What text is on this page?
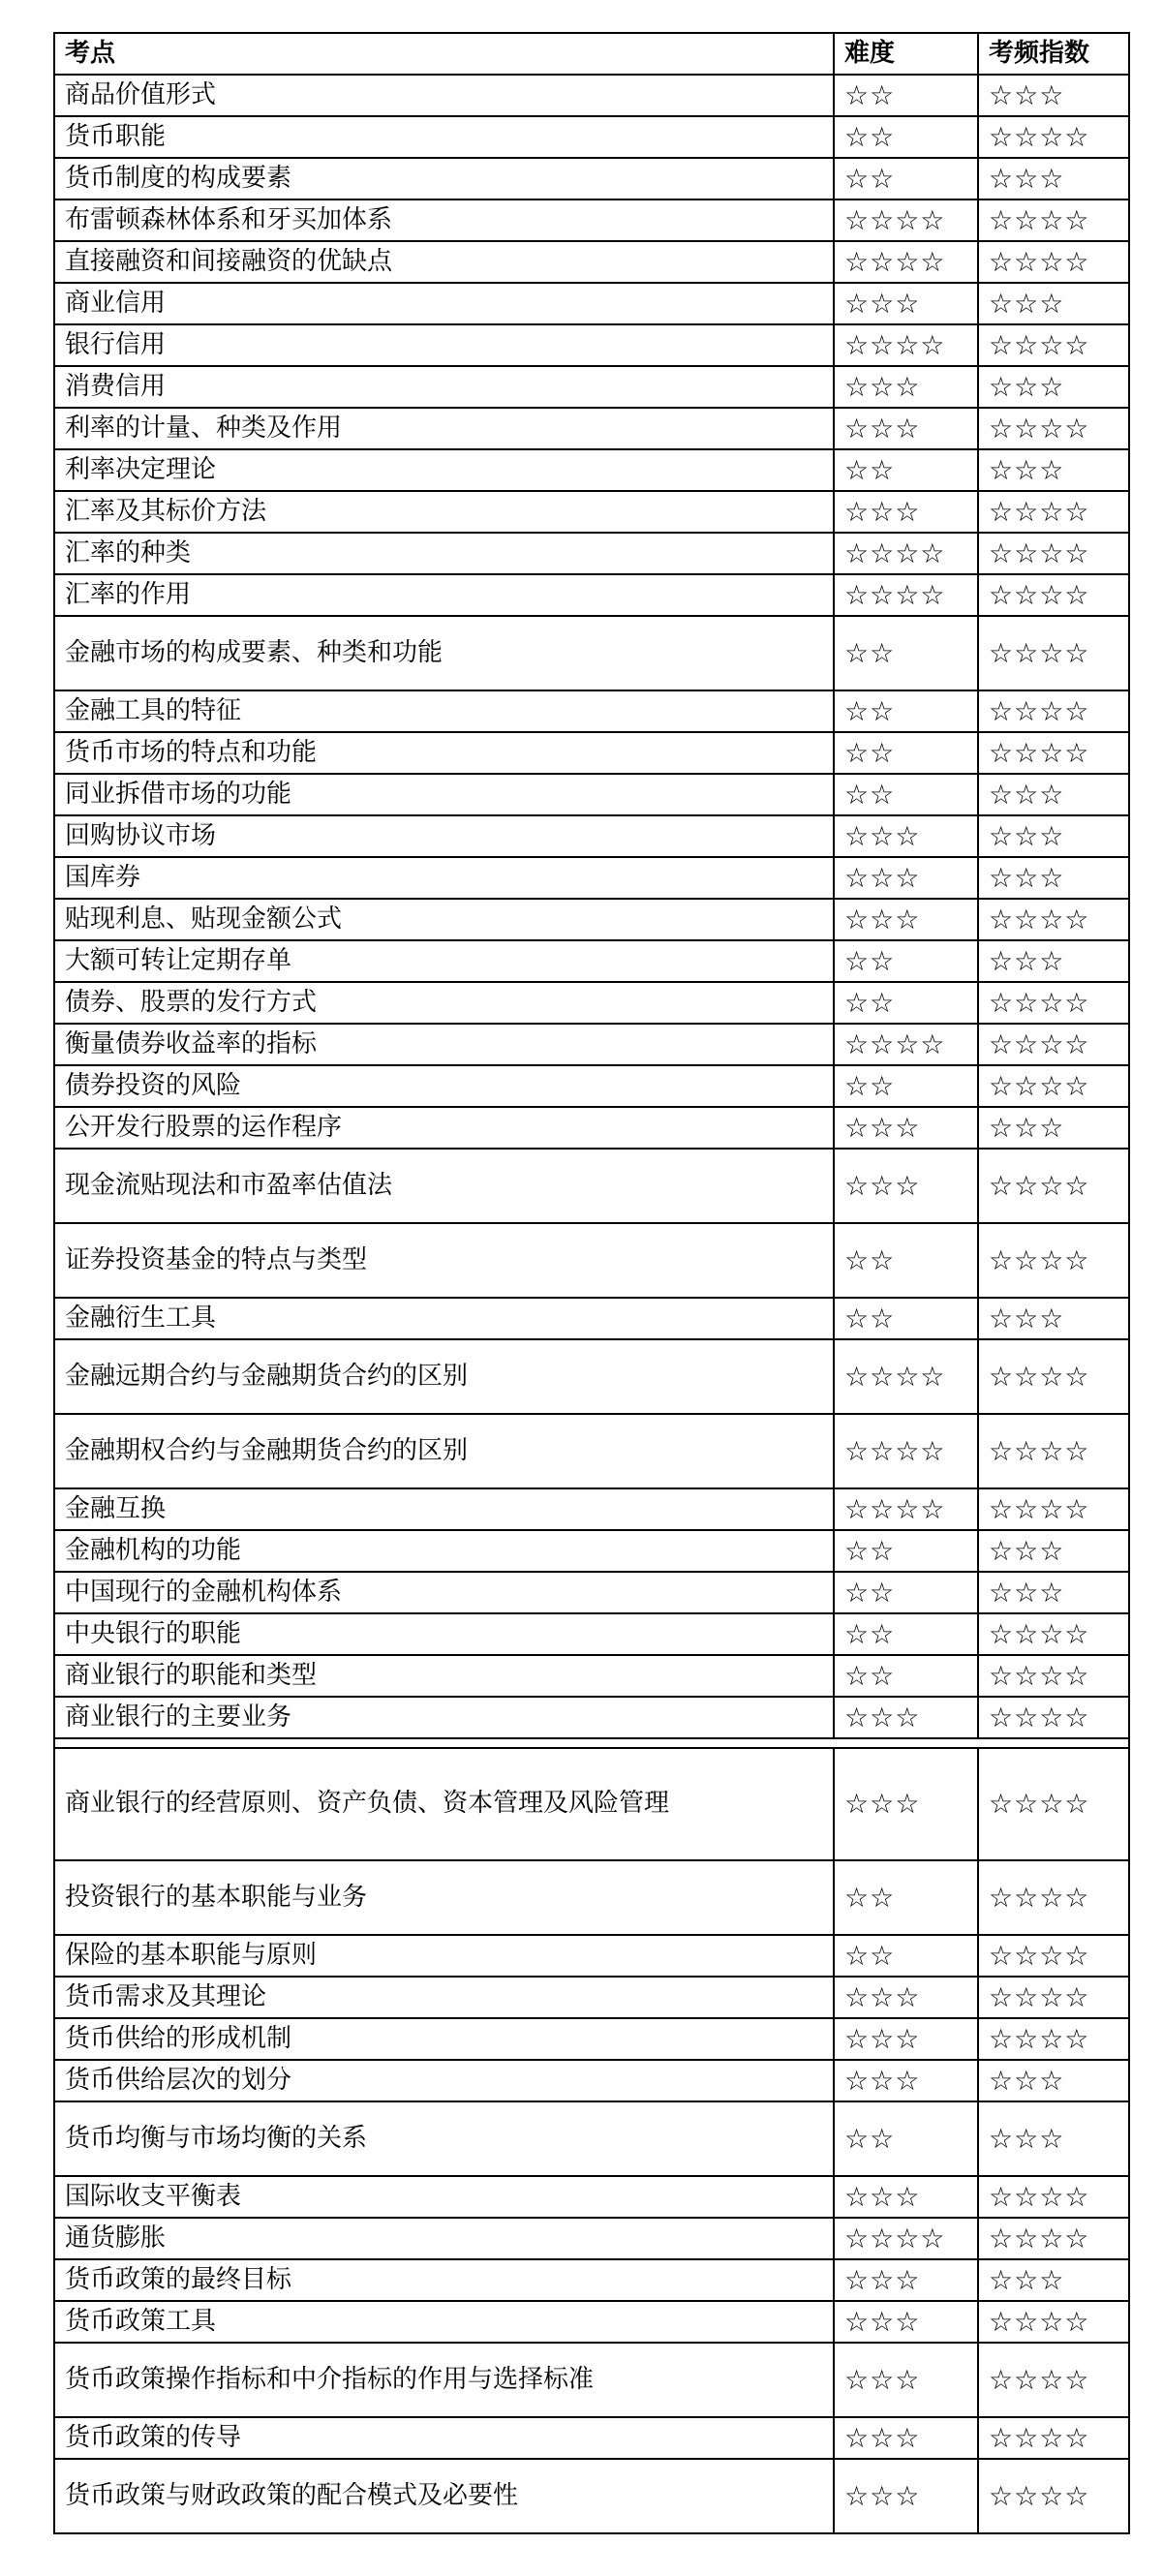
考点	难度	考频指数
商品价值形式	☆☆	☆☆☆
货币职能	☆☆	☆☆☆☆
货币制度的构成要素	☆☆	☆☆☆
布雷顿森林体系和牙买加体系	☆☆☆☆	☆☆☆☆
直接融资和间接融资的优缺点	☆☆☆☆	☆☆☆☆
商业信用	☆☆☆	☆☆☆
银行信用	☆☆☆☆	☆☆☆☆
消费信用	☆☆☆	☆☆☆
利率的计量、种类及作用	☆☆☆	☆☆☆☆
利率决定理论	☆☆	☆☆☆
汇率及其标价方法	☆☆☆	☆☆☆☆
汇率的种类	☆☆☆☆	☆☆☆☆
汇率的作用	☆☆☆☆	☆☆☆☆
金融市场的构成要素、种类和功能	☆☆	☆☆☆☆
金融工具的特征	☆☆	☆☆☆☆
货币市场的特点和功能	☆☆	☆☆☆☆
同业拆借市场的功能	☆☆	☆☆☆
回购协议市场	☆☆☆	☆☆☆
国库券	☆☆☆	☆☆☆
贴现利息、贴现金额公式	☆☆☆	☆☆☆☆
大额可转让定期存单	☆☆	☆☆☆
债券、股票的发行方式	☆☆	☆☆☆☆
衡量债券收益率的指标	☆☆☆☆	☆☆☆☆
债券投资的风险	☆☆	☆☆☆☆
公开发行股票的运作程序	☆☆☆	☆☆☆
现金流贴现法和市盈率估值法	☆☆☆	☆☆☆☆
证券投资基金的特点与类型	☆☆	☆☆☆☆
金融衍生工具	☆☆	☆☆☆
金融远期合约与金融期货合约的区别	☆☆☆☆	☆☆☆☆
金融期权合约与金融期货合约的区别	☆☆☆☆	☆☆☆☆
金融互换	☆☆☆☆	☆☆☆☆
金融机构的功能	☆☆	☆☆☆
中国现行的金融机构体系	☆☆	☆☆☆
中央银行的职能	☆☆	☆☆☆☆
商业银行的职能和类型	☆☆	☆☆☆☆
商业银行的主要业务	☆☆☆	☆☆☆☆

商业银行的经营原则、资产负债、资本管理及风险管理	☆☆☆	☆☆☆☆
投资银行的基本职能与业务	☆☆	☆☆☆☆
保险的基本职能与原则	☆☆	☆☆☆☆
货币需求及其理论	☆☆☆	☆☆☆☆
货币供给的形成机制	☆☆☆	☆☆☆☆
货币供给层次的划分	☆☆☆	☆☆☆
货币均衡与市场均衡的关系	☆☆	☆☆☆
国际收支平衡表	☆☆☆	☆☆☆☆
通货膨胀	☆☆☆☆	☆☆☆☆
货币政策的最终目标	☆☆☆	☆☆☆
货币政策工具	☆☆☆	☆☆☆☆
货币政策操作指标和中介指标的作用与选择标准	☆☆☆	☆☆☆☆
货币政策的传导	☆☆☆	☆☆☆☆
货币政策与财政政策的配合模式及必要性	☆☆☆	☆☆☆☆
